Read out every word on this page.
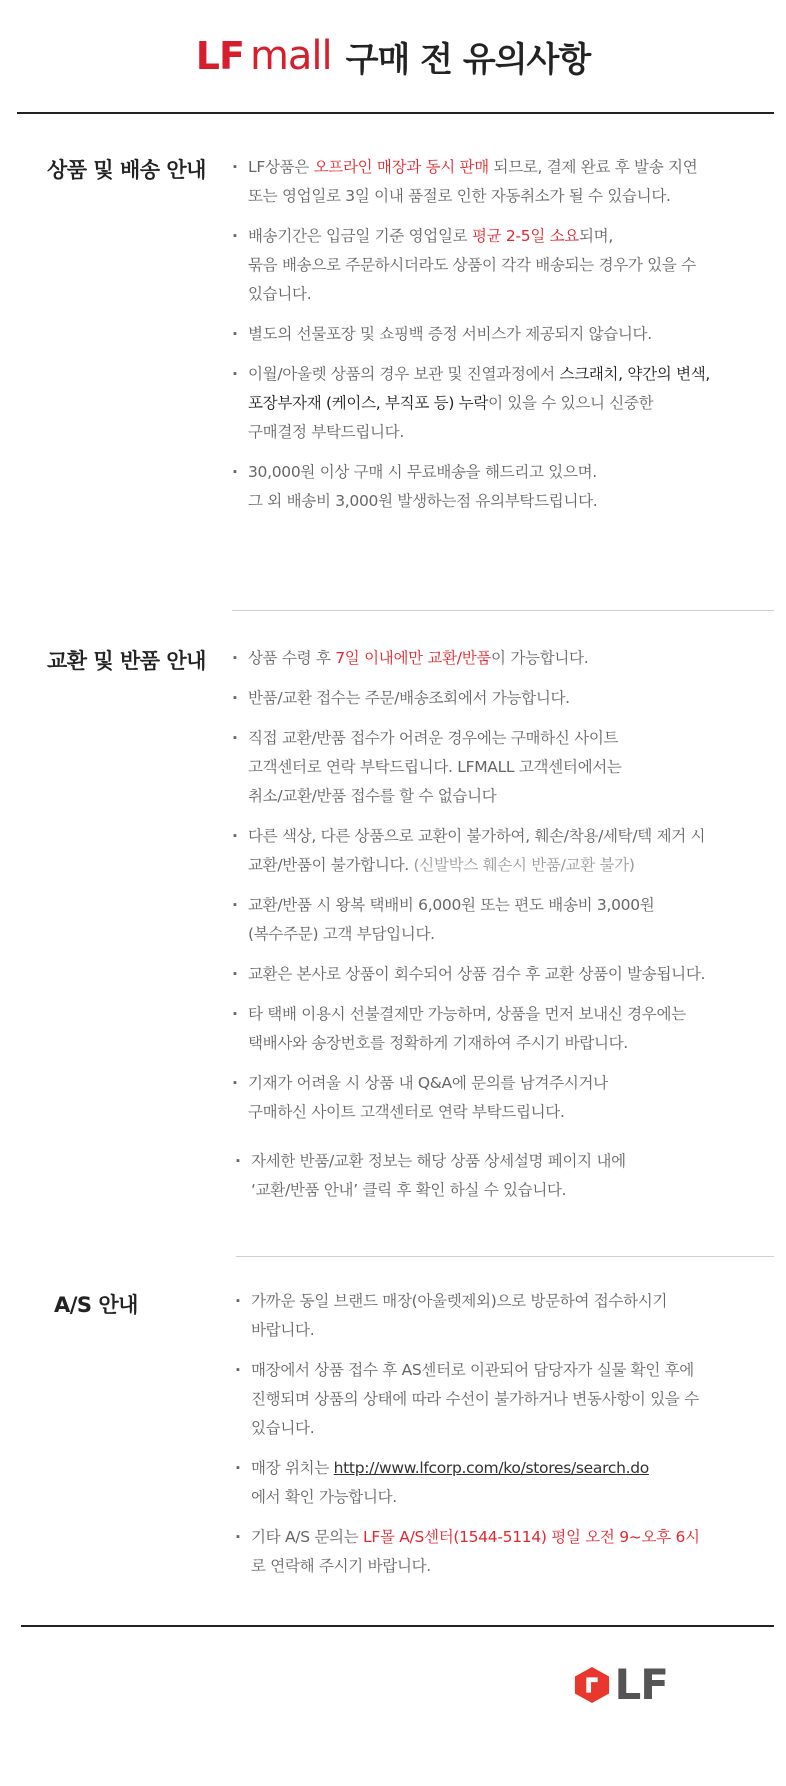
LF mall 구매 전 유의사항
상품 및 배송 안내	· LF상품은 오프라인 매장과 동시 판매 되므로, 결제 완료 후 발송 지연
또는 영업일로 3일 이내 품절로 인한 자동취소가 될 수 있습니다.
· 배송기간은 입금일 기준 영업일로 평균 2-5일 소요되며,
묶음 배송으로 주문하시더라도 상품이 각각 배송되는 경우가 있을 수
있습니다.
· 별도의 선물포장 및 쇼핑백 증정 서비스가 제공되지 않습니다.
· 이월/아울렛 상품의 경우 보관 및 진열과정에서 스크래치, 약간의 변색,
포장부자재 (케이스, 부직포 등) 누락이 있을 수 있으니 신중한
구매결정 부탁드립니다.
· 30,000원 이상 구매 시 무료배송을 해드리고 있으며.
그 외 배송비 3,000원 발생하는점 유의부탁드립니다.
교환 및 반품 안내	· 상품 수령 후 7일 이내에만 교환/반품이 가능합니다.
· 반품/교환 접수는 주문/배송조회에서 가능합니다.
· 직접 교환/반품 접수가 어려운 경우에는 구매하신 사이트
고객센터로 연락 부탁드립니다. LFMALL 고객센터에서는
취소/교환/반품 접수를 할 수 없습니다
· 다른 색상, 다른 상품으로 교환이 불가하여, 훼손/착용/세탁/텍 제거 시
교환/반품이 불가합니다. (신발박스 훼손시 반품/교환 불가)
· 교환/반품 시 왕복 택배비 6,000원 또는 편도 배송비 3,000원
(복수주문) 고객 부담입니다.
· 교환은 본사로 상품이 회수되어 상품 검수 후 교환 상품이 발송됩니다.
· 타 택배 이용시 선불결제만 가능하며, 상품을 먼저 보내신 경우에는
택배사와 송장번호를 정확하게 기재하여 주시기 바랍니다.
· 기재가 어려울 시 상품 내 Q&A에 문의를 남겨주시거나
구매하신 사이트 고객센터로 연락 부탁드립니다.
· 자세한 반품/교환 정보는 해당 상품 상세설명 페이지 내에
‘교환/반품 안내’ 클릭 후 확인 하실 수 있습니다.
A/S 안내	· 가까운 동일 브랜드 매장(아울렛제외)으로 방문하여 접수하시기
바랍니다.
· 매장에서 상품 접수 후 AS센터로 이관되어 담당자가 실물 확인 후에
진행되며 상품의 상태에 따라 수선이 불가하거나 변동사항이 있을 수
있습니다.
· 매장 위치는 http://www.lfcorp.com/ko/stores/search.do
에서 확인 가능합니다.
· 기타 A/S 문의는 LF몰 A/S센터(1544-5114) 평일 오전 9~오후 6시
로 연락해 주시기 바랍니다.
LF
